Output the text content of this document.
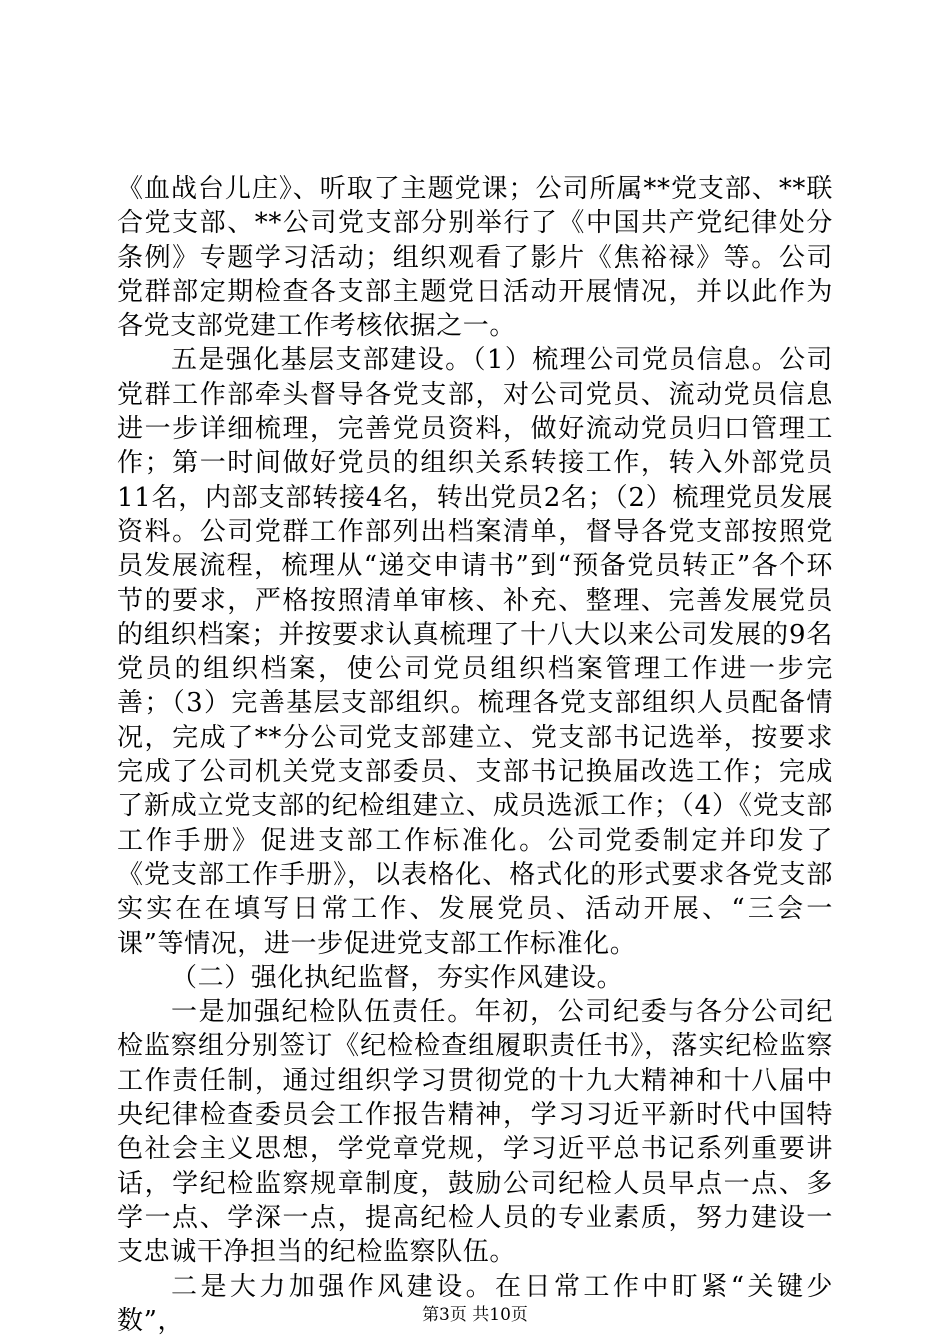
《血战台儿庄》、听取了主题党课；公司所属**党支部、**联合党支部、**公司党支部分别举行了《中国共产党纪律处分条例》专题学习活动；组织观看了影片《焦裕禄》等。公司党群部定期检查各支部主题党日活动开展情况，并以此作为各党支部党建工作考核依据之一。

五是强化基层支部建设。（1）梳理公司党员信息。公司党群工作部牵头督导各党支部，对公司党员、流动党员信息进一步详细梳理，完善党员资料，做好流动党员归口管理工作；第一时间做好党员的组织关系转接工作，转入外部党员11名，内部支部转接4名，转出党员2名；（2）梳理党员发展资料。公司党群工作部列出档案清单，督导各党支部按照党员发展流程，梳理从“递交申请书”到“预备党员转正”各个环节的要求，严格按照清单审核、补充、整理、完善发展党员的组织档案；并按要求认真梳理了十八大以来公司发展的9名党员的组织档案，使公司党员组织档案管理工作进一步完善；（3）完善基层支部组织。梳理各党支部组织人员配备情况，完成了**分公司党支部建立、党支部书记选举，按要求完成了公司机关党支部委员、支部书记换届改选工作；完成了新成立党支部的纪检组建立、成员选派工作；（4）《党支部工作手册》促进支部工作标准化。公司党委制定并印发了《党支部工作手册》，以表格化、格式化的形式要求各党支部实实在在填写日常工作、发展党员、活动开展、“三会一课”等情况，进一步促进党支部工作标准化。

（二）强化执纪监督，夯实作风建设。

一是加强纪检队伍责任。年初，公司纪委与各分公司纪检监察组分别签订《纪检检查组履职责任书》，落实纪检监察工作责任制，通过组织学习贯彻党的十九大精神和十八届中央纪律检查委员会工作报告精神，学习习近平新时代中国特色社会主义思想，学党章党规，学习近平总书记系列重要讲话，学纪检监察规章制度，鼓励公司纪检人员早点一点、多学一点、学深一点，提高纪检人员的专业素质，努力建设一支忠诚干净担当的纪检监察队伍。

二是大力加强作风建设。在日常工作中盯紧“关键少数”，	第3页 共10页
